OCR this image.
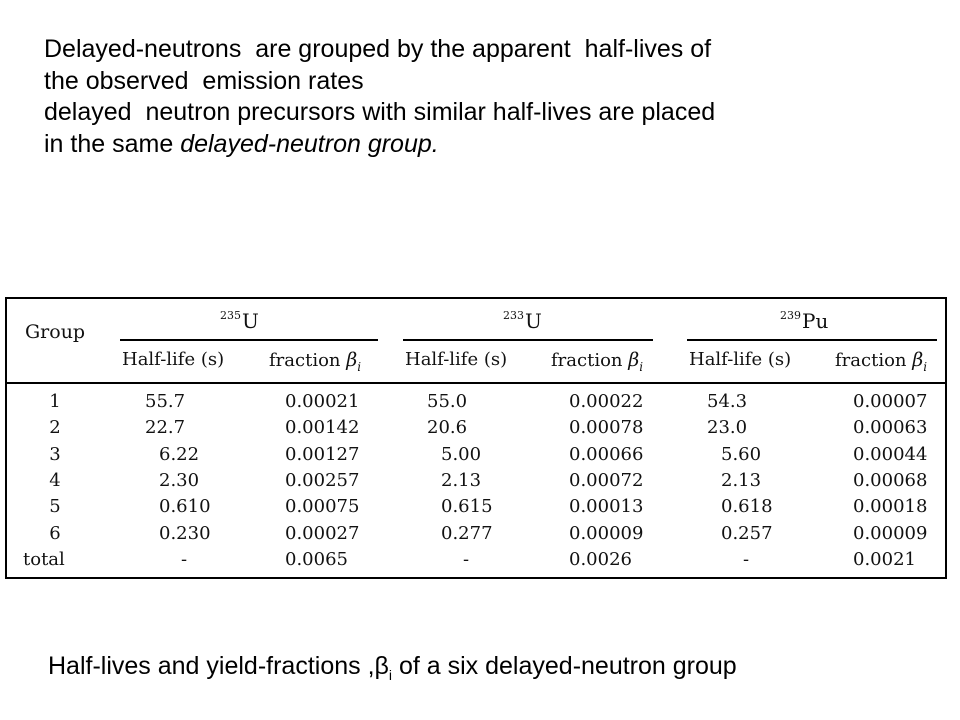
Delayed-neutrons  are grouped by the apparent  half-lives of

the observed  emission rates

delayed  neutron precursors with similar half-lives are placed

in the same delayed-neutron group.

Group
$^{235}$U	$^{233}$U	$^{239}$Pu
Half-life (s) fraction $\beta_i$ Half-life (s) fraction $\beta_i$	Half-life (s) fraction $\beta_i$
1	55.7	0.00021	55.0	0.00022	54.3	0.00007
2	22.7	0.00142	20.6	0.00078	23.0	0.00063
3	6.22	0.00127	5.00	0.00066	5.60	0.00044
4	2.30	0.00257	2.13	0.00072	2.13	0.00068
5	0.610	0.00075	0.615	0.00013	0.618	0.00018
6	0.230	0.00027	0.277	0.00009	0.257	0.00009
total	-	0.0065	-	0.0026	-	0.0021
Half-lives and yield-fractions $,\beta_i$ of a six delayed-neutron group
